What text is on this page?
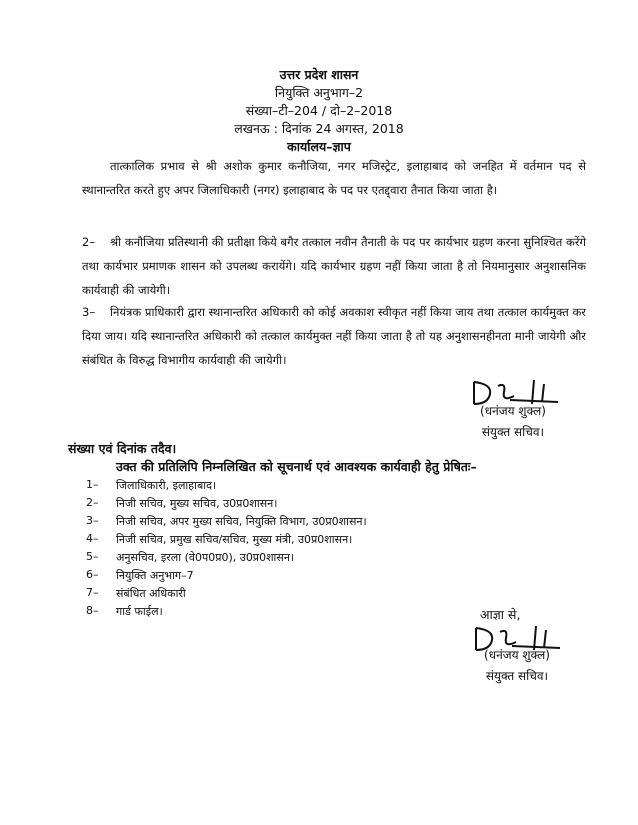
उत्तर प्रदेश शासन
नियुक्ति अनुभाग–2
संख्या–टी–204 / दो–2–2018
लखनऊ : दिनांक 24 अगस्त, 2018
कार्यालय–ज्ञाप
तात्कालिक प्रभाव से श्री अशोक कुमार कनौजिया, नगर मजिस्ट्रेट, इलाहाबाद को जनहित में वर्तमान पद से स्थानान्तरित करते हुए अपर जिलाधिकारी (नगर) इलाहाबाद के पद पर एतद्द्वारा तैनात किया जाता है।
2–	श्री कनौजिया प्रतिस्थानी की प्रतीक्षा किये बगैर तत्काल नवीन तैनाती के पद पर कार्यभार ग्रहण करना सुनिश्चित करेंगे तथा कार्यभार प्रमाणक शासन को उपलब्ध करायेंगे। यदि कार्यभार ग्रहण नहीं किया जाता है तो नियमानुसार अनुशासनिक कार्यवाही की जायेगी।
3–	नियंत्रक प्राधिकारी द्वारा स्थानान्तरित अधिकारी को कोई अवकाश स्वीकृत नहीं किया जाय तथा तत्काल कार्यमुक्त कर दिया जाय। यदि स्थानान्तरित अधिकारी को तत्काल कार्यमुक्त नहीं किया जाता है तो यह अनुशासनहीनता मानी जायेगी और संबंधित के विरुद्ध विभागीय कार्यवाही की जायेगी।
(धनंजय शुक्ल)
संयुक्त सचिव।
संख्या एवं दिनांक तदैव।
उक्त की प्रतिलिपि निम्नलिखित को सूचनार्थ एवं आवश्यक कार्यवाही हेतु प्रेषितः–
1– जिलाधिकारी, इलाहाबाद।
2– निजी सचिव, मुख्य सचिव, उ0प्र0शासन।
3– निजी सचिव, अपर मुख्य सचिव, नियुक्ति विभाग, उ0प्र0शासन।
4– निजी सचिव, प्रमुख सचिव/सचिव, मुख्य मंत्री, उ0प्र0शासन।
5– अनुसचिव, इरला (वे0प0प्र0), उ0प्र0शासन।
6– नियुक्ति अनुभाग–7
7– संबंधित अधिकारी
8– गार्ड फाईल।	आज्ञा से,
(धनंजय शुक्ल)
संयुक्त सचिव।
